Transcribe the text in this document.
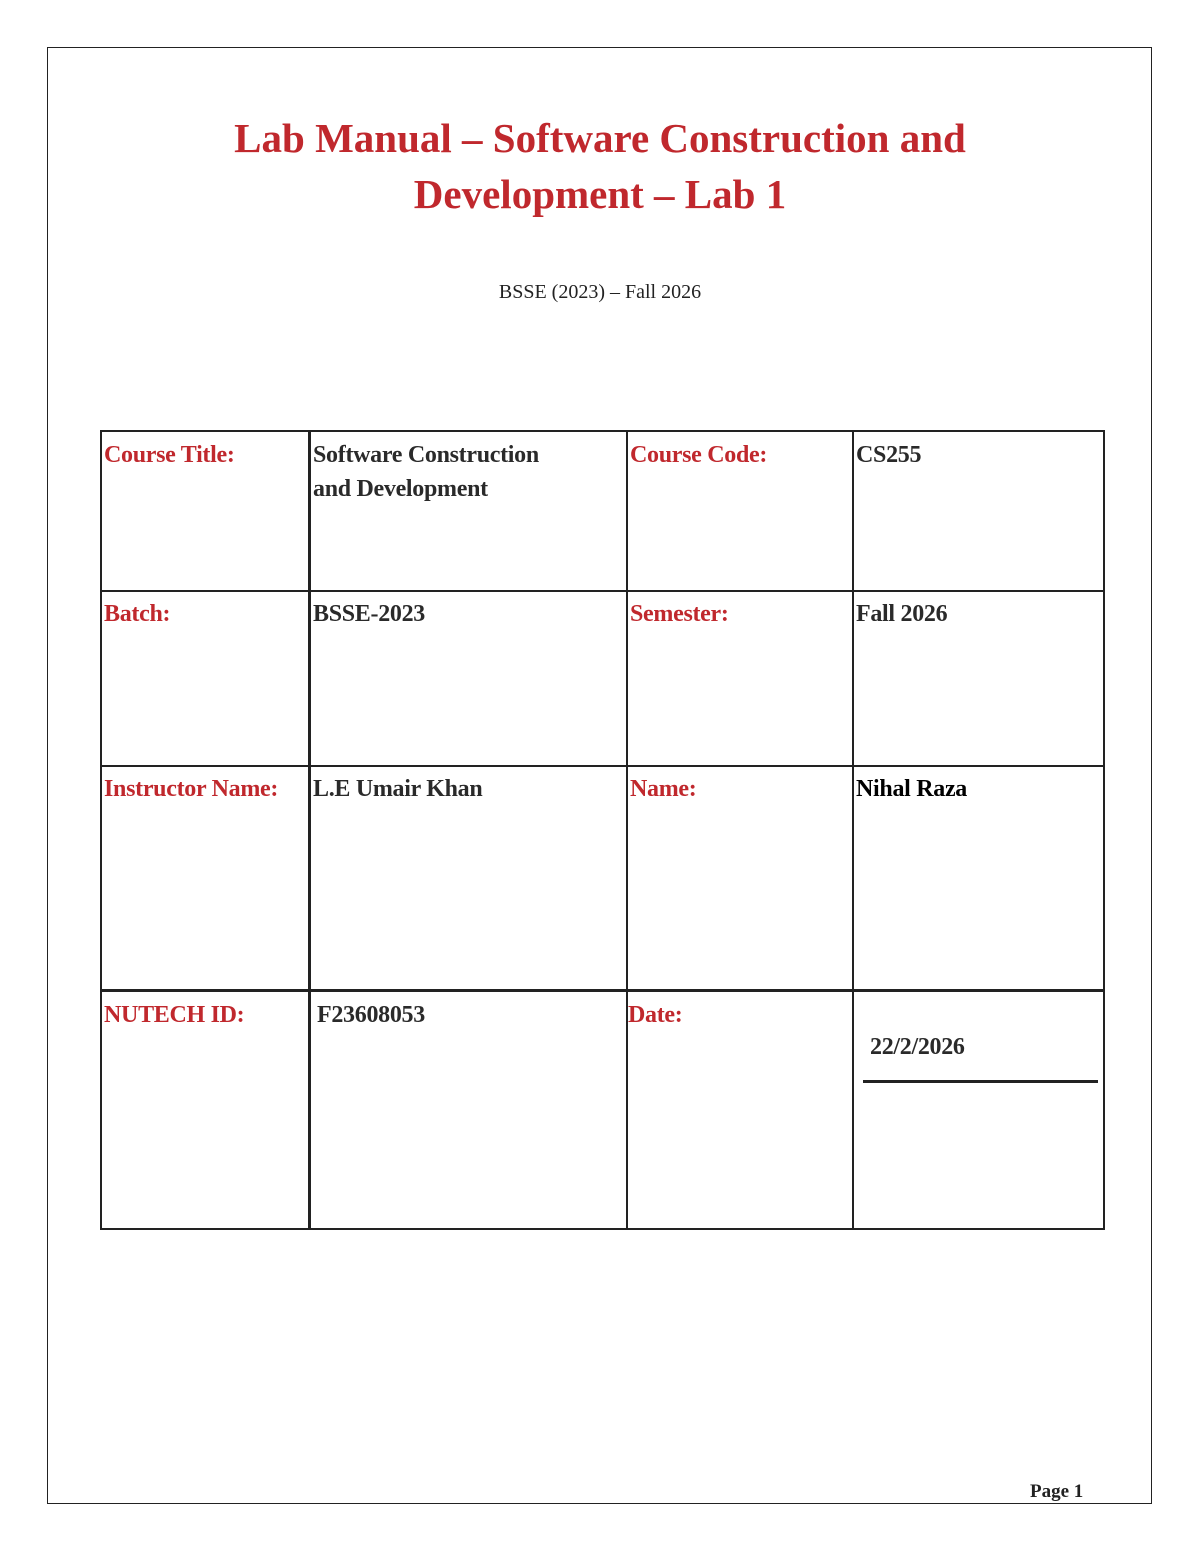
Lab Manual – Software Construction and
Development – Lab 1
BSSE (2023) – Fall 2026
Course Title:	Software Construction
and Development
Course Code:	CS255
Batch:	BSSE-2023	Semester:	Fall 2026
Instructor Name: L.E Umair Khan	Name:	Nihal Raza
NUTECH ID:	F23608053	Date:
22/2/2026
Page 1
